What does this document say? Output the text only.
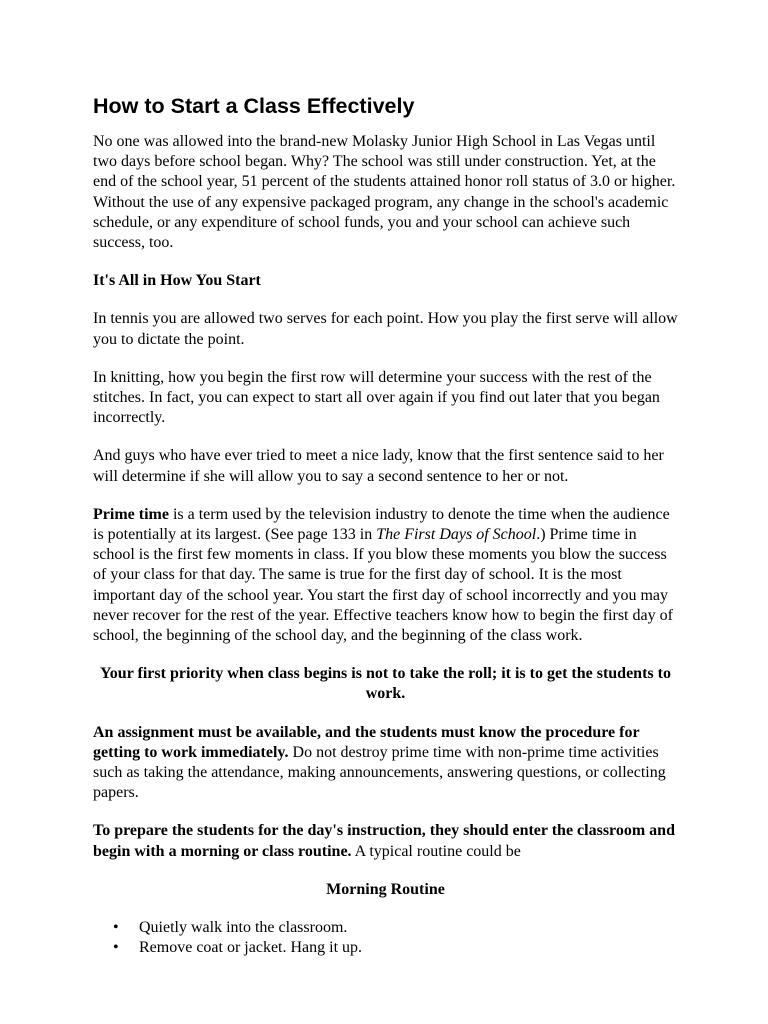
How to Start a Class Effectively

No one was allowed into the brand-new Molasky Junior High School in Las Vegas until two days before school began. Why? The school was still under construction. Yet, at the end of the school year, 51 percent of the students attained honor roll status of 3.0 or higher. Without the use of any expensive packaged program, any change in the school's academic schedule, or any expenditure of school funds, you and your school can achieve such success, too.

It's All in How You Start

In tennis you are allowed two serves for each point. How you play the first serve will allow you to dictate the point.

In knitting, how you begin the first row will determine your success with the rest of the stitches. In fact, you can expect to start all over again if you find out later that you began incorrectly.

And guys who have ever tried to meet a nice lady, know that the first sentence said to her will determine if she will allow you to say a second sentence to her or not.

Prime time is a term used by the television industry to denote the time when the audience is potentially at its largest. (See page 133 in The First Days of School.) Prime time in school is the first few moments in class. If you blow these moments you blow the success of your class for that day. The same is true for the first day of school. It is the most important day of the school year. You start the first day of school incorrectly and you may never recover for the rest of the year. Effective teachers know how to begin the first day of school, the beginning of the school day, and the beginning of the class work.

Your first priority when class begins is not to take the roll; it is to get the students to work.

An assignment must be available, and the students must know the procedure for getting to work immediately. Do not destroy prime time with non-prime time activities such as taking the attendance, making announcements, answering questions, or collecting papers.

To prepare the students for the day's instruction, they should enter the classroom and begin with a morning or class routine. A typical routine could be

Morning Routine

• Quietly walk into the classroom.
• Remove coat or jacket. Hang it up.
